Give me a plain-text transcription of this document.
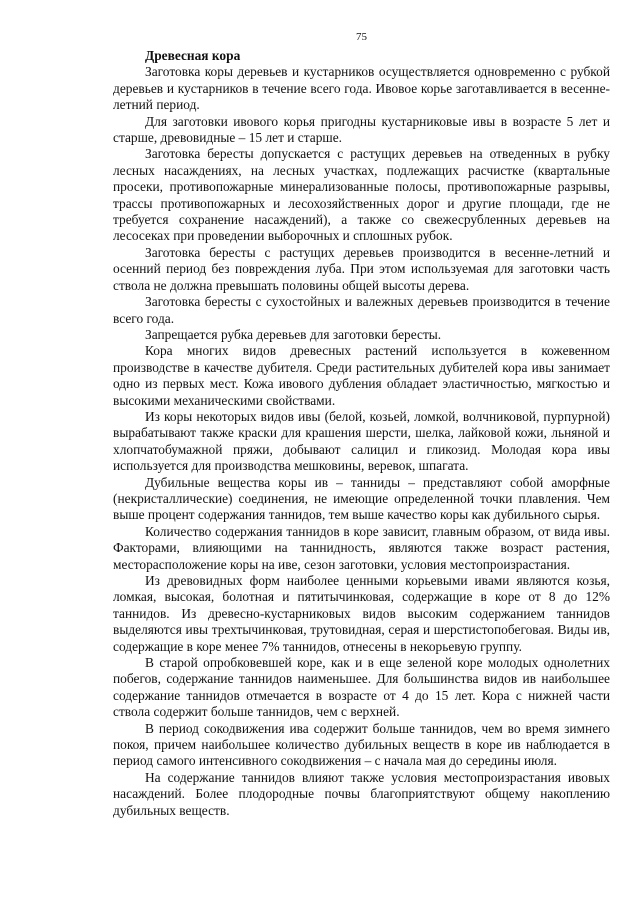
75

Древесная кора

Заготовка коры деревьев и кустарников осуществляется одновременно с рубкой деревьев и кустарников в течение всего года. Ивовое корье заготавливается в весенне-летний период.

Для заготовки ивового корья пригодны кустарниковые ивы в возрасте 5 лет и старше, древовидные – 15 лет и старше.

Заготовка бересты допускается с растущих деревьев на отведенных в рубку лесных насаждениях, на лесных участках, подлежащих расчистке (квартальные просеки, противопожарные минерализованные полосы, противопожарные разрывы, трассы противопожарных и лесохозяйственных дорог и другие площади, где не требуется сохранение насаждений), а также со свежесрубленных деревьев на лесосеках при проведении выборочных и сплошных рубок.

Заготовка бересты с растущих деревьев производится в весенне-летний и осенний период без повреждения луба. При этом используемая для заготовки часть ствола не должна превышать половины общей высоты дерева.

Заготовка бересты с сухостойных и валежных деревьев производится в течение всего года.

Запрещается рубка деревьев для заготовки бересты.

Кора многих видов древесных растений используется в кожевенном производстве в качестве дубителя. Среди растительных дубителей кора ивы занимает одно из первых мест. Кожа ивового дубления обладает эластичностью, мягкостью и высокими механическими свойствами.

Из коры некоторых видов ивы (белой, козьей, ломкой, волчниковой, пурпурной) вырабатывают также краски для крашения шерсти, шелка, лайковой кожи, льняной и хлопчатобумажной пряжи, добывают салицил и гликозид. Молодая кора ивы используется для производства мешковины, веревок, шпагата.

Дубильные вещества коры ив – танниды – представляют собой аморфные (некристаллические) соединения, не имеющие определенной точки плавления. Чем выше процент содержания таннидов, тем выше качество коры как дубильного сырья.

Количество содержания таннидов в коре зависит, главным образом, от вида ивы. Факторами, влияющими на таннидность, являются также возраст растения, месторасположение коры на иве, сезон заготовки, условия местопроизрастания.

Из древовидных форм наиболее ценными корьевыми ивами являются козья, ломкая, высокая, болотная и пятитычинковая, содержащие в коре от 8 до 12% таннидов. Из древесно-кустарниковых видов высоким содержанием таннидов выделяются ивы трехтычинковая, трутовидная, серая и шерстистопобеговая. Виды ив, содержащие в коре менее 7% таннидов, отнесены в некорьевую группу.

В старой опробковевшей коре, как и в еще зеленой коре молодых однолетних побегов, содержание таннидов наименьшее. Для большинства видов ив наибольшее содержание таннидов отмечается в возрасте от 4 до 15 лет. Кора с нижней части ствола содержит больше таннидов, чем с верхней.

В период сокодвижения ива содержит больше таннидов, чем во время зимнего покоя, причем наибольшее количество дубильных веществ в коре ив наблюдается в период самого интенсивного сокодвижения – с начала мая до середины июля.

На содержание таннидов влияют также условия местопроизрастания ивовых насаждений. Более плодородные почвы благоприятствуют общему накоплению дубильных веществ.
